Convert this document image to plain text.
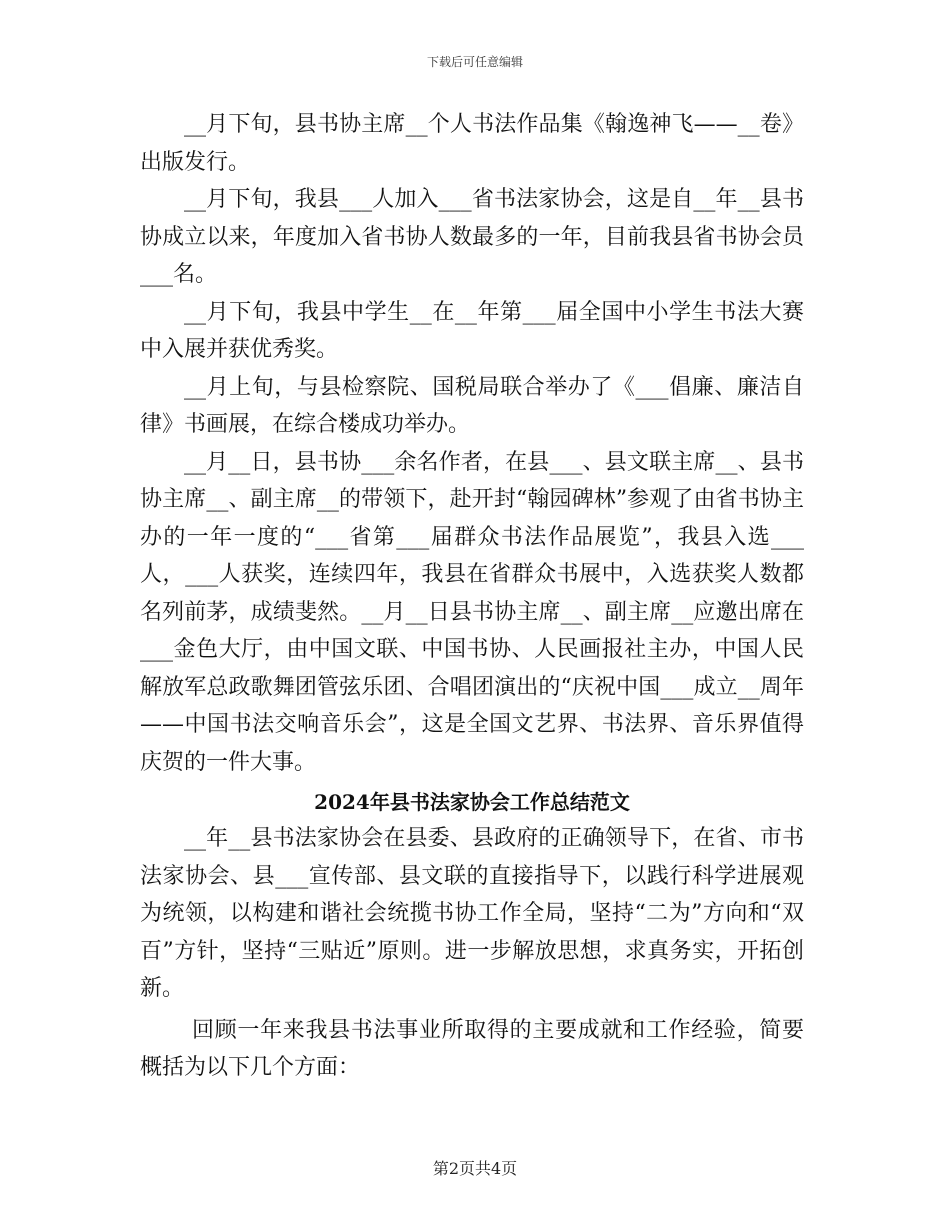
下载后可任意编辑

__月下旬，县书协主席__个人书法作品集《翰逸神飞——__卷》出版发行。

__月下旬，我县___人加入___省书法家协会，这是自__年__县书协成立以来，年度加入省书协人数最多的一年，目前我县省书协会员___名。

__月下旬，我县中学生__在__年第___届全国中小学生书法大赛中入展并获优秀奖。

__月上旬，与县检察院、国税局联合举办了《___倡廉、廉洁自律》书画展，在综合楼成功举办。

__月__日，县书协___余名作者，在县___、县文联主席__、县书协主席__、副主席__的带领下，赴开封“翰园碑林”参观了由省书协主办的一年一度的“___省第___届群众书法作品展览”，我县入选___人，___人获奖，连续四年，我县在省群众书展中，入选获奖人数都名列前茅，成绩斐然。__月__日县书协主席__、副主席__应邀出席在___金色大厅，由中国文联、中国书协、人民画报社主办，中国人民解放军总政歌舞团管弦乐团、合唱团演出的“庆祝中国___成立__周年——中国书法交响音乐会”，这是全国文艺界、书法界、音乐界值得庆贺的一件大事。

2024年县书法家协会工作总结范文

__年__县书法家协会在县委、县政府的正确领导下，在省、市书法家协会、县___宣传部、县文联的直接指导下，以践行科学进展观为统领，以构建和谐社会统揽书协工作全局，坚持“二为”方向和“双百”方针，坚持“三贴近”原则。进一步解放思想，求真务实，开拓创新。

回顾一年来我县书法事业所取得的主要成就和工作经验，简要概括为以下几个方面：

第2页共4页
